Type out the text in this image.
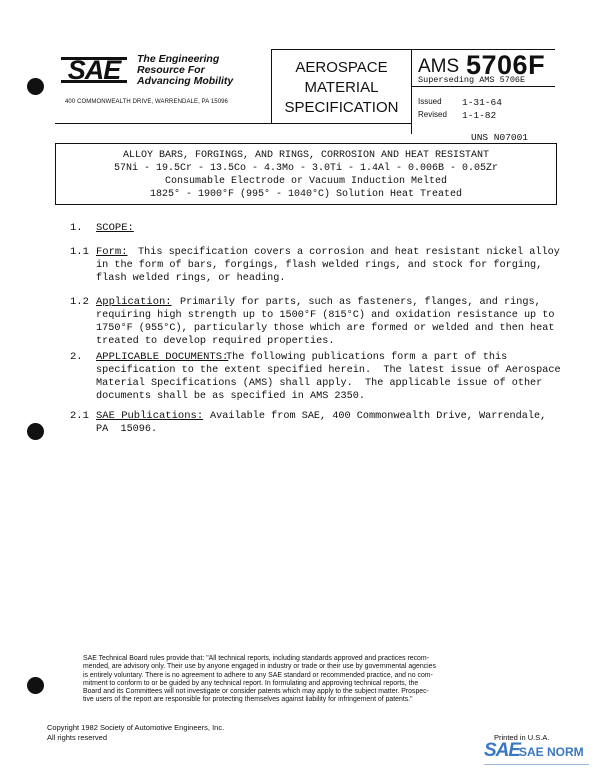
SAE	The Engineering
Resource For
Advancing Mobility
400 COMMONWEALTH DRIVE, WARRENDALE, PA 15096
AEROSPACE
MATERIAL
SPECIFICATION
AMS 5706F
Superseding AMS 5706E
Issued 1-31-64
Revised 1-1-82
UNS N07001
ALLOY BARS, FORGINGS, AND RINGS, CORROSION AND HEAT RESISTANT
57Ni - 19.5Cr - 13.5Co - 4.3Mo - 3.0Ti - 1.4Al - 0.006B - 0.05Zr
Consumable Electrode or Vacuum Induction Melted
1825° - 1900°F (995° - 1040°C) Solution Heat Treated
1. SCOPE:
1.1 Form: This specification covers a corrosion and heat resistant nickel alloy
in the form of bars, forgings, flash welded rings, and stock for forging,
flash welded rings, or heading.
1.2 Application: Primarily for parts, such as fasteners, flanges, and rings,
requiring high strength up to 1500°F (815°C) and oxidation resistance up to
1750°F (955°C), particularly those which are formed or welded and then heat
treated to develop required properties.
2. APPLICABLE DOCUMENTS:
The following publications form a part of this
specification to the extent specified herein.  The latest issue of Aerospace
Material Specifications (AMS) shall apply.  The applicable issue of other
documents shall be as specified in AMS 2350.
2.1 SAE Publications: Available from SAE, 400 Commonwealth Drive, Warrendale,
PA  15096.
SAE Technical Board rules provide that: "All technical reports, including standards approved and practices recom-
mended, are advisory only. Their use by anyone engaged in industry or trade or their use by governmental agencies
is entirely voluntary. There is no agreement to adhere to any SAE standard or recommended practice, and no com-
mitment to conform to or be guided by any technical report. In formulating and approving technical reports, the
Board and its Committees will not investigate or consider patents which may apply to the subject matter. Prospec-
tive users of the report are responsible for protecting themselves against liability for infringement of patents."
Copyright 1982 Society of Automotive Engineers, Inc.
All rights reserved	Printed in U.S.A.
SAE
SAE NORM
